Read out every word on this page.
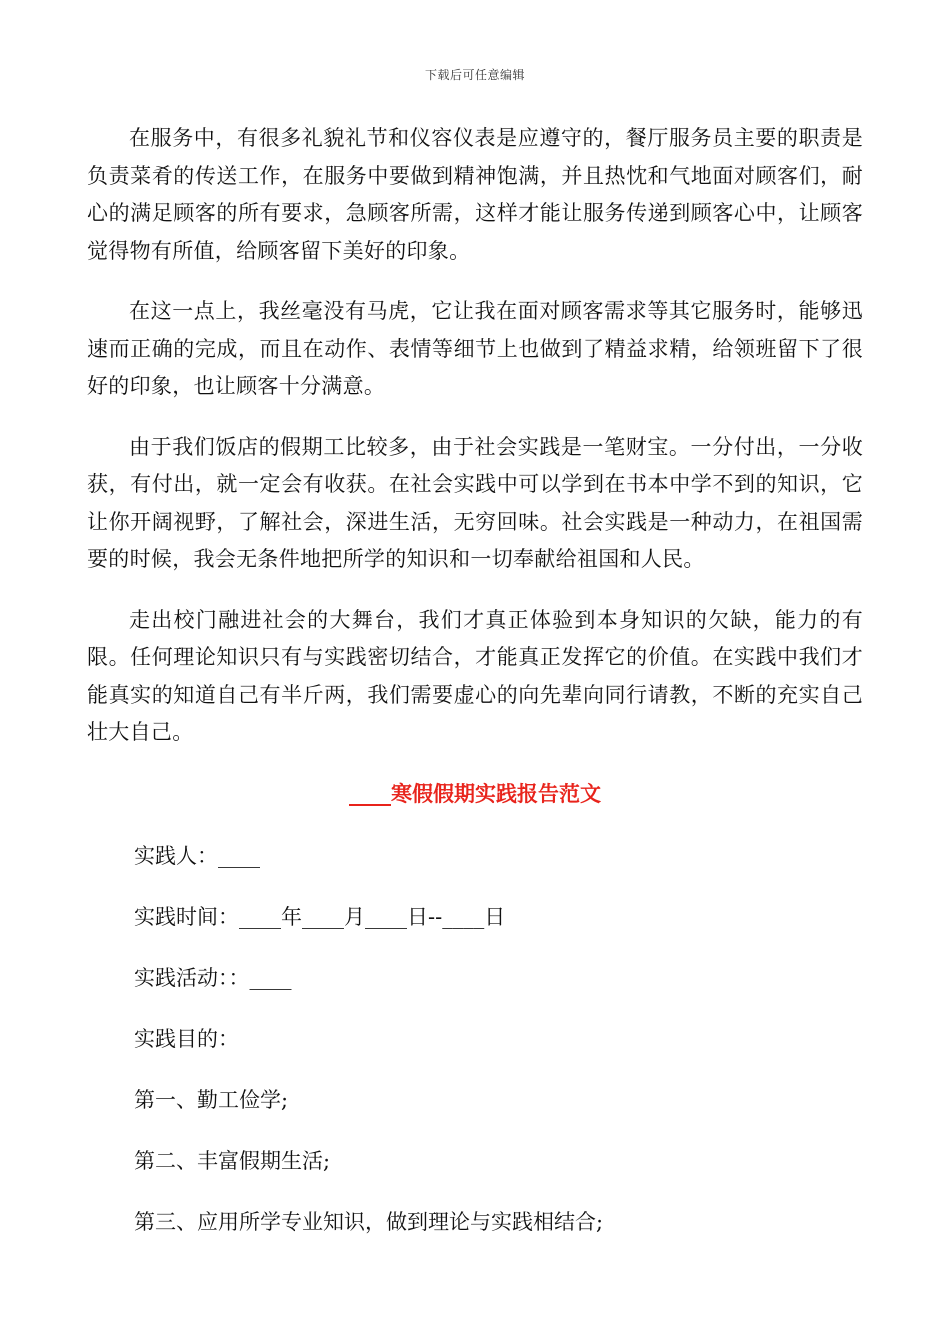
下载后可任意编辑

在服务中，有很多礼貌礼节和仪容仪表是应遵守的，餐厅服务员主要的职责是负责菜肴的传送工作，在服务中要做到精神饱满，并且热忱和气地面对顾客们，耐心的满足顾客的所有要求，急顾客所需，这样才能让服务传递到顾客心中，让顾客觉得物有所值，给顾客留下美好的印象。

在这一点上，我丝毫没有马虎，它让我在面对顾客需求等其它服务时，能够迅速而正确的完成，而且在动作、表情等细节上也做到了精益求精，给领班留下了很好的印象，也让顾客十分满意。

由于我们饭店的假期工比较多，由于社会实践是一笔财宝。一分付出，一分收获，有付出，就一定会有收获。在社会实践中可以学到在书本中学不到的知识，它让你开阔视野，了解社会，深进生活，无穷回味。社会实践是一种动力，在祖国需要的时候，我会无条件地把所学的知识和一切奉献给祖国和人民。

走出校门融进社会的大舞台，我们才真正体验到本身知识的欠缺，能力的有限。任何理论知识只有与实践密切结合，才能真正发挥它的价值。在实践中我们才能真实的知道自己有半斤两，我们需要虚心的向先辈向同行请教，不断的充实自己壮大自己。

____寒假假期实践报告范文
实践人：____
实践时间：____年____月____日--____日
实践活动：：____
实践目的：
第一、勤工俭学;
第二、丰富假期生活;
第三、应用所学专业知识，做到理论与实践相结合;
